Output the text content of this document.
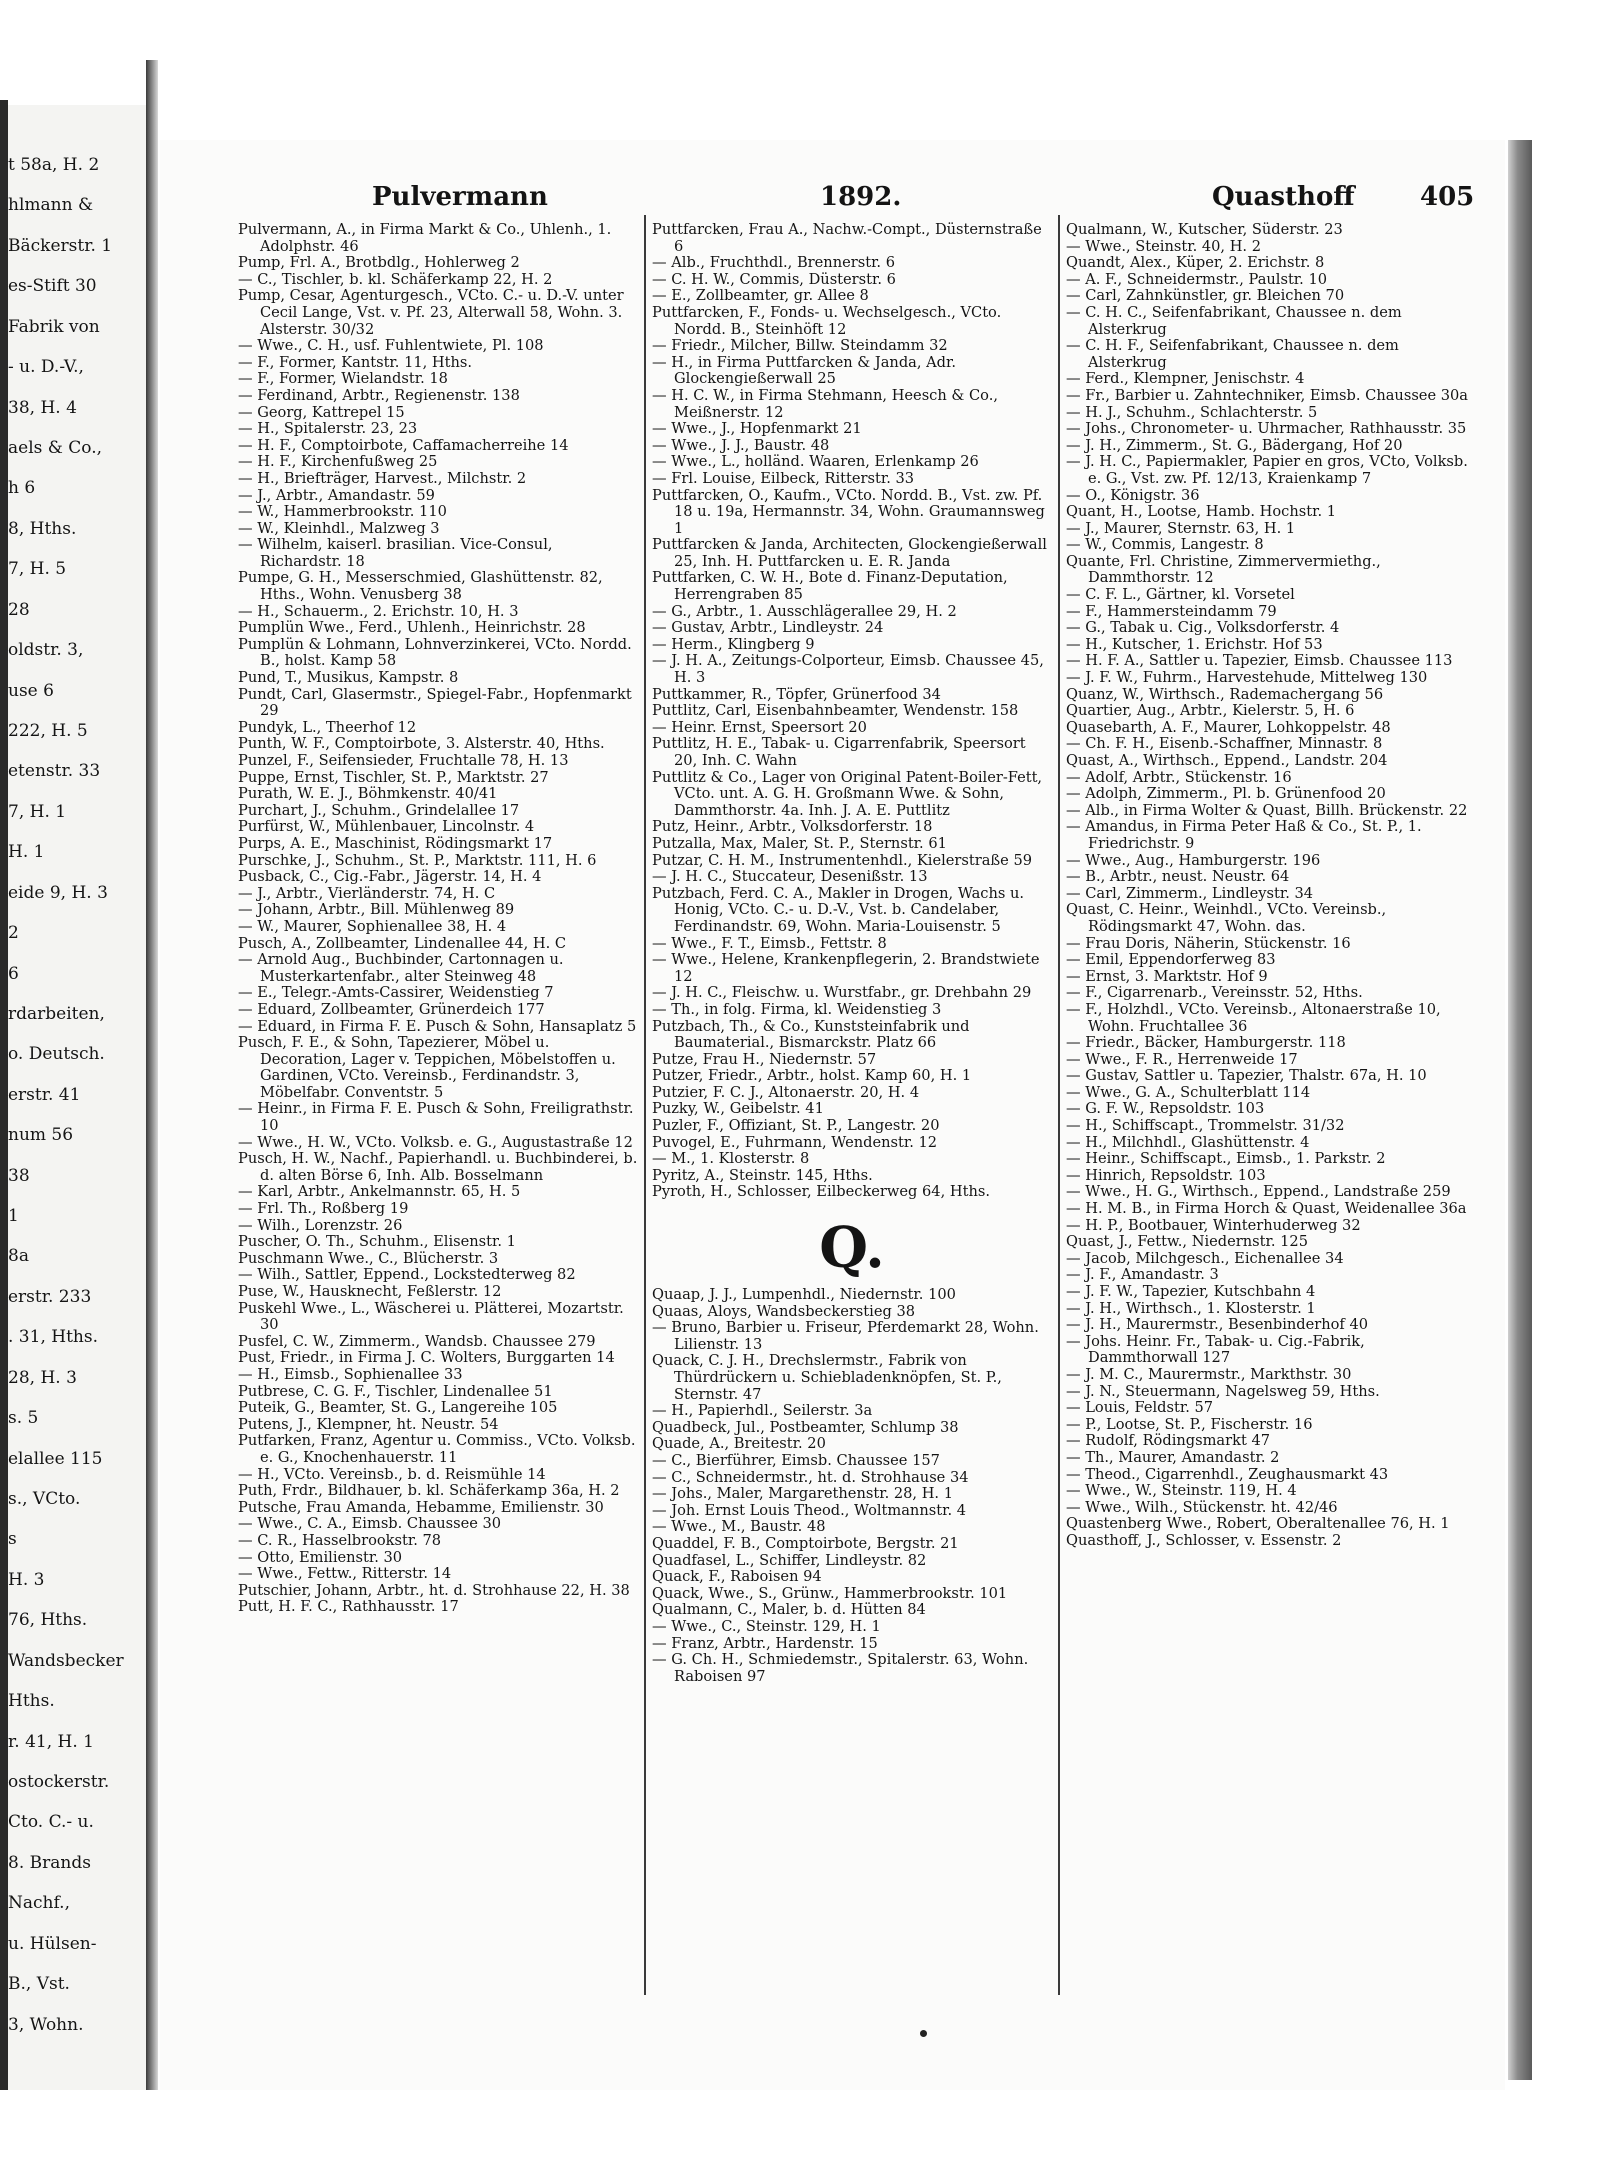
t 58a, H. 2
hlmann &
Bäckerstr. 1
es-Stift 30
Fabrik von
- u. D.-V.,
38, H. 4
aels & Co.,
h 6
8, Hths.
7, H. 5
28
oldstr. 3,
use 6
222, H. 5
etenstr. 33
7, H. 1
H. 1
eide 9, H. 3
2
6
rdarbeiten,
o. Deutsch.
erstr. 41
num 56
38
1
8a
erstr. 233
. 31, Hths.
28, H. 3
s. 5
elallee 115
s., VCto.
s
H. 3
76, Hths.
Wandsbecker
Hths.
r. 41, H. 1
ostockerstr.
Cto. C.- u.
8. Brands
Nachf.,
u. Hülsen-
B., Vst.
3, Wohn.
Pulvermann	1892.	Quasthoff	405
Pulvermann, A., in Firma Markt & Co., Uhlenh., 1. Adolphstr. 46
Pump, Frl. A., Brotbdlg., Hohlerweg 2
— C., Tischler, b. kl. Schäferkamp 22, H. 2
Pump, Cesar, Agenturgesch., VCto. C.- u. D.-V. unter Cecil Lange, Vst. v. Pf. 23, Alterwall 58, Wohn. 3. Alsterstr. 30/32
— Wwe., C. H., usf. Fuhlentwiete, Pl. 108
— F., Former, Kantstr. 11, Hths.
— F., Former, Wielandstr. 18
— Ferdinand, Arbtr., Regienenstr. 138
— Georg, Kattrepel 15
— H., Spitalerstr. 23, 23
— H. F., Comptoirbote, Caffamacherreihe 14
— H. F., Kirchenfußweg 25
— H., Briefträger, Harvest., Milchstr. 2
— J., Arbtr., Amandastr. 59
— W., Hammerbrookstr. 110
— W., Kleinhdl., Malzweg 3
— Wilhelm, kaiserl. brasilian. Vice-Consul, Richardstr. 18
Pumpe, G. H., Messerschmied, Glashüttenstr. 82, Hths., Wohn. Venusberg 38
— H., Schauerm., 2. Erichstr. 10, H. 3
Pumplün Wwe., Ferd., Uhlenh., Heinrichstr. 28
Pumplün & Lohmann, Lohnverzinkerei, VCto. Nordd. B., holst. Kamp 58
Pund, T., Musikus, Kampstr. 8
Pundt, Carl, Glasermstr., Spiegel-Fabr., Hopfenmarkt 29
Pundyk, L., Theerhof 12
Punth, W. F., Comptoirbote, 3. Alsterstr. 40, Hths.
Punzel, F., Seifensieder, Fruchtalle 78, H. 13
Puppe, Ernst, Tischler, St. P., Marktstr. 27
Purath, W. E. J., Böhmkenstr. 40/41
Purchart, J., Schuhm., Grindelallee 17
Purfürst, W., Mühlenbauer, Lincolnstr. 4
Purps, A. E., Maschinist, Rödingsmarkt 17
Purschke, J., Schuhm., St. P., Marktstr. 111, H. 6
Pusback, C., Cig.-Fabr., Jägerstr. 14, H. 4
— J., Arbtr., Vierländerstr. 74, H. C
— Johann, Arbtr., Bill. Mühlenweg 89
— W., Maurer, Sophienallee 38, H. 4
Pusch, A., Zollbeamter, Lindenallee 44, H. C
— Arnold Aug., Buchbinder, Cartonnagen u. Musterkartenfabr., alter Steinweg 48
— E., Telegr.-Amts-Cassirer, Weidenstieg 7
— Eduard, Zollbeamter, Grünerdeich 177
— Eduard, in Firma F. E. Pusch & Sohn, Hansaplatz 5
Pusch, F. E., & Sohn, Tapezierer, Möbel u. Decoration, Lager v. Teppichen, Möbelstoffen u. Gardinen, VCto. Vereinsb., Ferdinandstr. 3, Möbelfabr. Conventstr. 5
— Heinr., in Firma F. E. Pusch & Sohn, Freiligrathstr. 10
— Wwe., H. W., VCto. Volksb. e. G., Augustastraße 12
Pusch, H. W., Nachf., Papierhandl. u. Buchbinderei, b. d. alten Börse 6, Inh. Alb. Bosselmann
— Karl, Arbtr., Ankelmannstr. 65, H. 5
— Frl. Th., Roßberg 19
— Wilh., Lorenzstr. 26
Puscher, O. Th., Schuhm., Elisenstr. 1
Puschmann Wwe., C., Blücherstr. 3
— Wilh., Sattler, Eppend., Lockstedterweg 82
Puse, W., Hausknecht, Feßlerstr. 12
Puskehl Wwe., L., Wäscherei u. Plätterei, Mozartstr. 30
Pusfel, C. W., Zimmerm., Wandsb. Chaussee 279
Pust, Friedr., in Firma J. C. Wolters, Burggarten 14
— H., Eimsb., Sophienallee 33
Putbrese, C. G. F., Tischler, Lindenallee 51
Puteik, G., Beamter, St. G., Langereihe 105
Putens, J., Klempner, ht. Neustr. 54
Putfarken, Franz, Agentur u. Commiss., VCto. Volksb. e. G., Knochenhauerstr. 11
— H., VCto. Vereinsb., b. d. Reismühle 14
Puth, Frdr., Bildhauer, b. kl. Schäferkamp 36a, H. 2
Putsche, Frau Amanda, Hebamme, Emilienstr. 30
— Wwe., C. A., Eimsb. Chaussee 30
— C. R., Hasselbrookstr. 78
— Otto, Emilienstr. 30
— Wwe., Fettw., Ritterstr. 14
Putschier, Johann, Arbtr., ht. d. Strohhause 22, H. 38
Putt, H. F. C., Rathhausstr. 17
Puttfarcken, Frau A., Nachw.-Compt., Düsternstraße 6
— Alb., Fruchthdl., Brennerstr. 6
— C. H. W., Commis, Düsterstr. 6
— E., Zollbeamter, gr. Allee 8
Puttfarcken, F., Fonds- u. Wechselgesch., VCto. Nordd. B., Steinhöft 12
— Friedr., Milcher, Billw. Steindamm 32
— H., in Firma Puttfarcken & Janda, Adr. Glockengießerwall 25
— H. C. W., in Firma Stehmann, Heesch & Co., Meißnerstr. 12
— Wwe., J., Hopfenmarkt 21
— Wwe., J. J., Baustr. 48
— Wwe., L., holländ. Waaren, Erlenkamp 26
— Frl. Louise, Eilbeck, Ritterstr. 33
Puttfarcken, O., Kaufm., VCto. Nordd. B., Vst. zw. Pf. 18 u. 19a, Hermannstr. 34, Wohn. Graumannsweg 1
Puttfarcken & Janda, Architecten, Glockengießerwall 25, Inh. H. Puttfarcken u. E. R. Janda
Puttfarken, C. W. H., Bote d. Finanz-Deputation, Herrengraben 85
— G., Arbtr., 1. Ausschlägerallee 29, H. 2
— Gustav, Arbtr., Lindleystr. 24
— Herm., Klingberg 9
— J. H. A., Zeitungs-Colporteur, Eimsb. Chaussee 45, H. 3
Puttkammer, R., Töpfer, Grünerfood 34
Puttlitz, Carl, Eisenbahnbeamter, Wendenstr. 158
— Heinr. Ernst, Speersort 20
Puttlitz, H. E., Tabak- u. Cigarrenfabrik, Speersort 20, Inh. C. Wahn
Puttlitz & Co., Lager von Original Patent-Boiler-Fett, VCto. unt. A. G. H. Großmann Wwe. & Sohn, Dammthorstr. 4a. Inh. J. A. E. Puttlitz
Putz, Heinr., Arbtr., Volksdorferstr. 18
Putzalla, Max, Maler, St. P., Sternstr. 61
Putzar, C. H. M., Instrumentenhdl., Kielerstraße 59
— J. H. C., Stuccateur, Desenißstr. 13
Putzbach, Ferd. C. A., Makler in Drogen, Wachs u. Honig, VCto. C.- u. D.-V., Vst. b. Candelaber, Ferdinandstr. 69, Wohn. Maria-Louisenstr. 5
— Wwe., F. T., Eimsb., Fettstr. 8
— Wwe., Helene, Krankenpflegerin, 2. Brandstwiete 12
— J. H. C., Fleischw. u. Wurstfabr., gr. Drehbahn 29
— Th., in folg. Firma, kl. Weidenstieg 3
Putzbach, Th., & Co., Kunststeinfabrik und Baumaterial., Bismarckstr. Platz 66
Putze, Frau H., Niedernstr. 57
Putzer, Friedr., Arbtr., holst. Kamp 60, H. 1
Putzier, F. C. J., Altonaerstr. 20, H. 4
Puzky, W., Geibelstr. 41
Puzler, F., Offiziant, St. P., Langestr. 20
Puvogel, E., Fuhrmann, Wendenstr. 12
— M., 1. Klosterstr. 8
Pyritz, A., Steinstr. 145, Hths.
Pyroth, H., Schlosser, Eilbeckerweg 64, Hths.
Q.
Quaap, J. J., Lumpenhdl., Niedernstr. 100
Quaas, Aloys, Wandsbeckerstieg 38
— Bruno, Barbier u. Friseur, Pferdemarkt 28, Wohn. Lilienstr. 13
Quack, C. J. H., Drechslermstr., Fabrik von Thürdrückern u. Schiebladenknöpfen, St. P., Sternstr. 47
— H., Papierhdl., Seilerstr. 3a
Quadbeck, Jul., Postbeamter, Schlump 38
Quade, A., Breitestr. 20
— C., Bierführer, Eimsb. Chaussee 157
— C., Schneidermstr., ht. d. Strohhause 34
— Johs., Maler, Margarethenstr. 28, H. 1
— Joh. Ernst Louis Theod., Woltmannstr. 4
— Wwe., M., Baustr. 48
Quaddel, F. B., Comptoirbote, Bergstr. 21
Quadfasel, L., Schiffer, Lindleystr. 82
Quack, F., Raboisen 94
Quack, Wwe., S., Grünw., Hammerbrookstr. 101
Qualmann, C., Maler, b. d. Hütten 84
— Wwe., C., Steinstr. 129, H. 1
— Franz, Arbtr., Hardenstr. 15
— G. Ch. H., Schmiedemstr., Spitalerstr. 63, Wohn. Raboisen 97
Qualmann, W., Kutscher, Süderstr. 23
— Wwe., Steinstr. 40, H. 2
Quandt, Alex., Küper, 2. Erichstr. 8
— A. F., Schneidermstr., Paulstr. 10
— Carl, Zahnkünstler, gr. Bleichen 70
— C. H. C., Seifenfabrikant, Chaussee n. dem Alsterkrug
— C. H. F., Seifenfabrikant, Chaussee n. dem Alsterkrug
— Ferd., Klempner, Jenischstr. 4
— Fr., Barbier u. Zahntechniker, Eimsb. Chaussee 30a
— H. J., Schuhm., Schlachterstr. 5
— Johs., Chronometer- u. Uhrmacher, Rathhausstr. 35
— J. H., Zimmerm., St. G., Bädergang, Hof 20
— J. H. C., Papiermakler, Papier en gros, VCto, Volksb. e. G., Vst. zw. Pf. 12/13, Kraienkamp 7
— O., Königstr. 36
Quant, H., Lootse, Hamb. Hochstr. 1
— J., Maurer, Sternstr. 63, H. 1
— W., Commis, Langestr. 8
Quante, Frl. Christine, Zimmervermiethg., Dammthorstr. 12
— C. F. L., Gärtner, kl. Vorsetel
— F., Hammersteindamm 79
— G., Tabak u. Cig., Volksdorferstr. 4
— H., Kutscher, 1. Erichstr. Hof 53
— H. F. A., Sattler u. Tapezier, Eimsb. Chaussee 113
— J. F. W., Fuhrm., Harvestehude, Mittelweg 130
Quanz, W., Wirthsch., Rademachergang 56
Quartier, Aug., Arbtr., Kielerstr. 5, H. 6
Quasebarth, A. F., Maurer, Lohkoppelstr. 48
— Ch. F. H., Eisenb.-Schaffner, Minnastr. 8
Quast, A., Wirthsch., Eppend., Landstr. 204
— Adolf, Arbtr., Stückenstr. 16
— Adolph, Zimmerm., Pl. b. Grünenfood 20
— Alb., in Firma Wolter & Quast, Billh. Brückenstr. 22
— Amandus, in Firma Peter Haß & Co., St. P., 1. Friedrichstr. 9
— Wwe., Aug., Hamburgerstr. 196
— B., Arbtr., neust. Neustr. 64
— Carl, Zimmerm., Lindleystr. 34
Quast, C. Heinr., Weinhdl., VCto. Vereinsb., Rödingsmarkt 47, Wohn. das.
— Frau Doris, Näherin, Stückenstr. 16
— Emil, Eppendorferweg 83
— Ernst, 3. Marktstr. Hof 9
— F., Cigarrenarb., Vereinsstr. 52, Hths.
— F., Holzhdl., VCto. Vereinsb., Altonaerstraße 10, Wohn. Fruchtallee 36
— Friedr., Bäcker, Hamburgerstr. 118
— Wwe., F. R., Herrenweide 17
— Gustav, Sattler u. Tapezier, Thalstr. 67a, H. 10
— Wwe., G. A., Schulterblatt 114
— G. F. W., Repsoldstr. 103
— H., Schiffscapt., Trommelstr. 31/32
— H., Milchhdl., Glashüttenstr. 4
— Heinr., Schiffscapt., Eimsb., 1. Parkstr. 2
— Hinrich, Repsoldstr. 103
— Wwe., H. G., Wirthsch., Eppend., Landstraße 259
— H. M. B., in Firma Horch & Quast, Weidenallee 36a
— H. P., Bootbauer, Winterhuderweg 32
Quast, J., Fettw., Niedernstr. 125
— Jacob, Milchgesch., Eichenallee 34
— J. F., Amandastr. 3
— J. F. W., Tapezier, Kutschbahn 4
— J. H., Wirthsch., 1. Klosterstr. 1
— J. H., Maurermstr., Besenbinderhof 40
— Johs. Heinr. Fr., Tabak- u. Cig.-Fabrik, Dammthorwall 127
— J. M. C., Maurermstr., Markthstr. 30
— J. N., Steuermann, Nagelsweg 59, Hths.
— Louis, Feldstr. 57
— P., Lootse, St. P., Fischerstr. 16
— Rudolf, Rödingsmarkt 47
— Th., Maurer, Amandastr. 2
— Theod., Cigarrenhdl., Zeughausmarkt 43
— Wwe., W., Steinstr. 119, H. 4
— Wwe., Wilh., Stückenstr. ht. 42/46
Quastenberg Wwe., Robert, Oberaltenallee 76, H. 1
Quasthoff, J., Schlosser, v. Essenstr. 2
